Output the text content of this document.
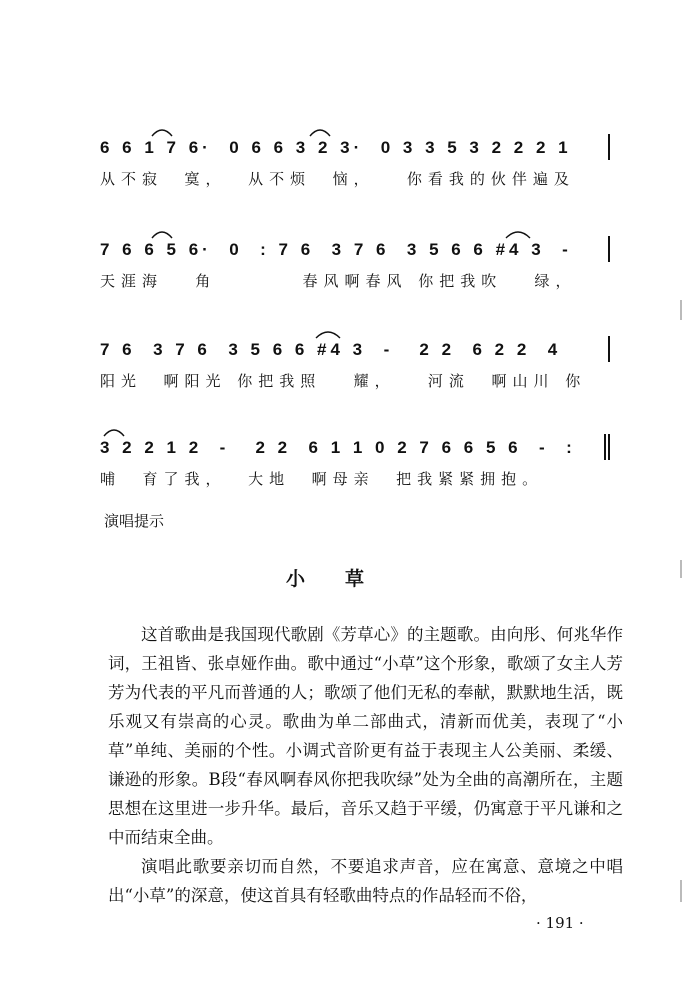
6 6 1 7 6·  0 6 6 3 2 3·  0 3 3 5 3 2 2 2 1
从不寂  寞，  从不烦  恼，   你看我的伙伴遍及
7 6 6 5 6·  0  : 7 6  3 7 6  3 5 6 6 #4 3  -
天涯海   角        春风啊春风 你把我吹   绿，
7 6  3 7 6  3 5 6 6 #4 3  -   2 2  6 2 2  4
阳光  啊阳光 你把我照   耀，   河流  啊山川 你
3 2 2 1 2  -   2 2  6 1 1 0 2 7 6 6 5 6  -  :
哺  育了我，  大地  啊母亲  把我紧紧拥抱。
演唱提示
小草

这首歌曲是我国现代歌剧《芳草心》的主题歌。由向彤、何兆华作词，王祖皆、张卓娅作曲。歌中通过“小草”这个形象，歌颂了女主人芳芳为代表的平凡而普通的人；歌颂了他们无私的奉献，默默地生活，既乐观又有崇高的心灵。歌曲为单二部曲式，清新而优美，表现了“小草”单纯、美丽的个性。小调式音阶更有益于表现主人公美丽、柔缓、谦逊的形象。B段“春风啊春风你把我吹绿”处为全曲的高潮所在，主题思想在这里进一步升华。最后，音乐又趋于平缓，仍寓意于平凡谦和之中而结束全曲。

演唱此歌要亲切而自然，不要追求声音，应在寓意、意境之中唱出“小草”的深意，使这首具有轻歌曲特点的作品轻而不俗，

· 191 ·
